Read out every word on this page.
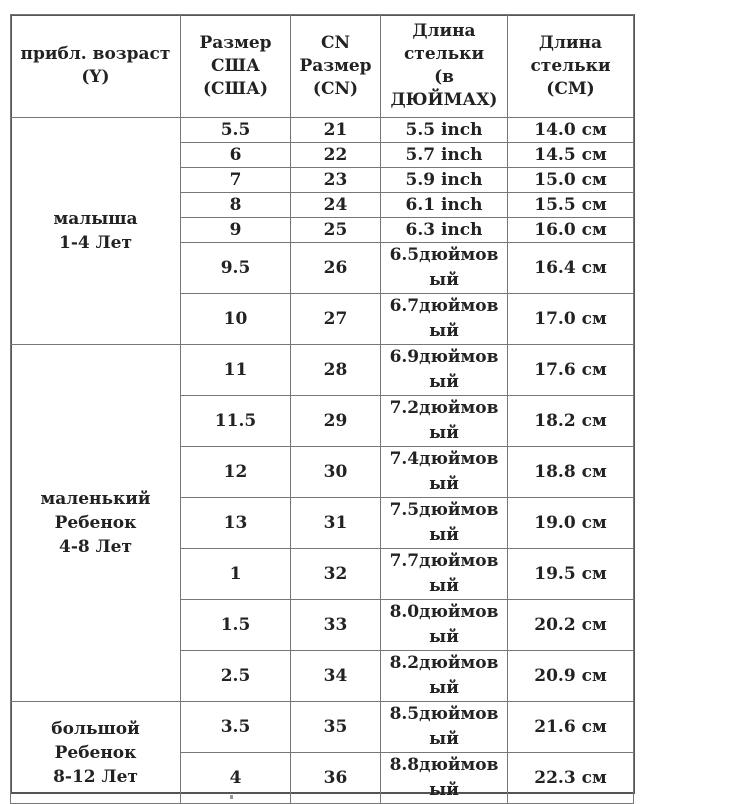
прибл. возраст
(Y)	Размер
США
(США)	CN
Размер
(CN)	Длина
стельки
(в
ДЮЙМАХ)	Длина
стельки
(СМ)
малыша
1-4 Лет	5.5	21	5.5 inch	14.0 см
	6	22	5.7 inch	14.5 см
	7	23	5.9 inch	15.0 см
	8	24	6.1 inch	15.5 см
	9	25	6.3 inch	16.0 см
	9.5	26	6.5дюймов
ый	16.4 см
	10	27	6.7дюймов
ый	17.0 см
маленький
Ребенок
4-8 Лет	11	28	6.9дюймов
ый	17.6 см
	11.5	29	7.2дюймов
ый	18.2 см
	12	30	7.4дюймов
ый	18.8 см
	13	31	7.5дюймов
ый	19.0 см
	1	32	7.7дюймов
ый	19.5 см
	1.5	33	8.0дюймов
ый	20.2 см
	2.5	34	8.2дюймов
ый	20.9 см
большой
Ребенок
8-12 Лет	3.5	35	8.5дюймов
ый	21.6 см
	4	36	8.8дюймов
ый	22.3 см
